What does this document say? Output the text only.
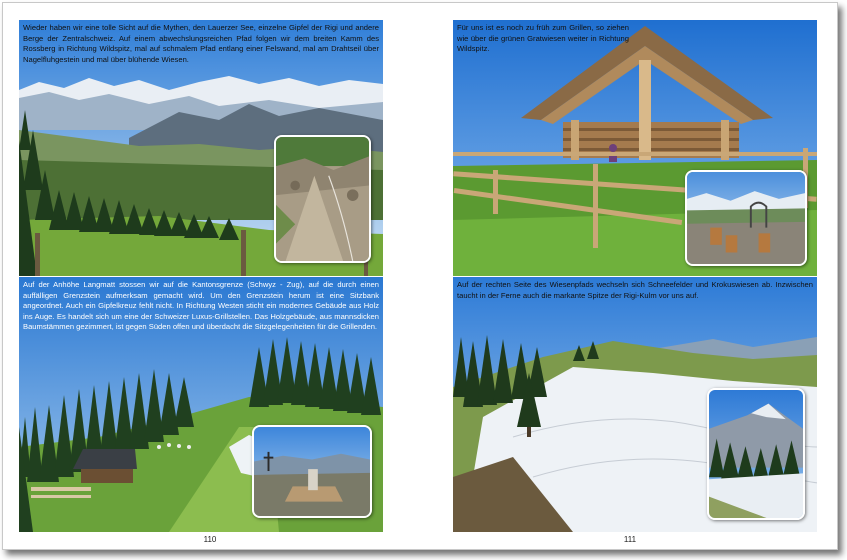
Wieder haben wir eine tolle Sicht auf die Mythen, den Lauerzer See, einzelne Gipfel der Rigi und andere Berge der Zentralschweiz. Auf einem abwechslungsreichen Pfad folgen wir dem breiten Kamm des Rossberg in Richtung Wildspitz, mal auf schmalem Pfad entlang einer Felswand, mal am Drahtseil über Nagelfluhgestein und mal über blühende Wiesen.

Auf der Anhöhe Langmatt stossen wir auf die Kantonsgrenze (Schwyz - Zug), auf die durch einen auffälligen Grenzstein aufmerksam gemacht wird. Um den Grenzstein herum ist eine Sitzbank angeordnet. Auch ein Gipfelkreuz fehlt nicht. In Richtung Westen sticht ein modernes Gebäude aus Holz ins Auge. Es handelt sich um eine der Schweizer Luxus-Grillstellen. Das Holzgebäude, aus mannsdicken Baumstämmen gezimmert, ist gegen Süden offen und überdacht die Sitzgelegenheiten für die Grillenden.

110

Für uns ist es noch zu früh zum Grillen, so ziehen wie über die grünen Gratwiesen weiter in Richtung Wildspitz.

Auf der rechten Seite des Wiesenpfads wechseln sich Schneefelder und Krokuswiesen ab. Inzwischen taucht in der Ferne auch die markante Spitze der Rigi-Kulm vor uns auf.

111
